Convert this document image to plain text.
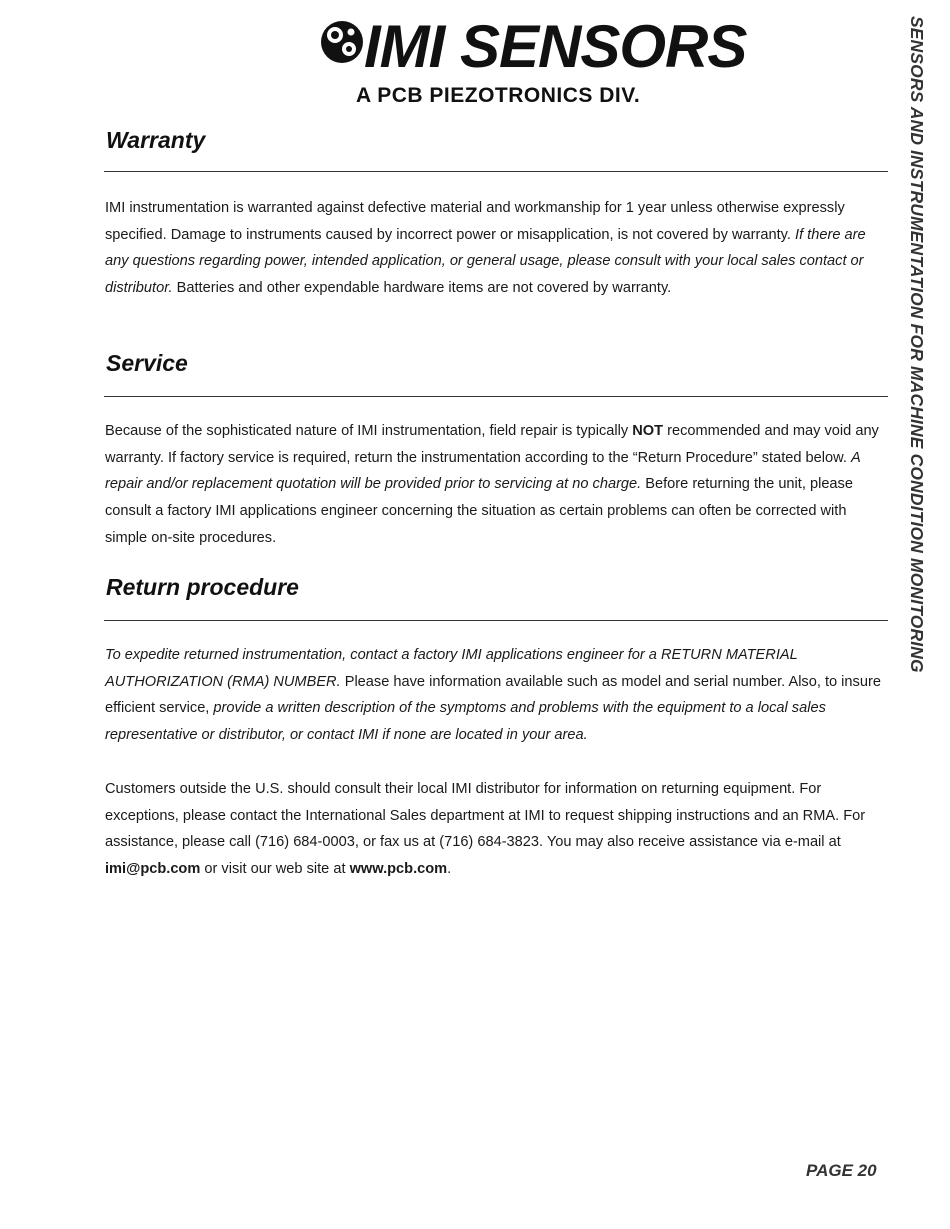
IMI SENSORS
A PCB PIEZOTRONICS DIV.
Warranty
IMI instrumentation is warranted against defective material and workmanship for 1 year unless otherwise expressly specified. Damage to instruments caused by incorrect power or misapplication, is not covered by warranty. If there are any questions regarding power, intended application, or general usage, please consult with your local sales contact or distributor. Batteries and other expendable hardware items are not covered by warranty.
Service
Because of the sophisticated nature of IMI instrumentation, field repair is typically NOT recommended and may void any warranty. If factory service is required, return the instrumentation according to the “Return Procedure” stated below. A repair and/or replacement quotation will be provided prior to servicing at no charge. Before returning the unit, please consult a factory IMI applications engineer concerning the situation as certain problems can often be corrected with simple on-site procedures.
Return procedure
To expedite returned instrumentation, contact a factory IMI applications engineer for a RETURN MATERIAL AUTHORIZATION (RMA) NUMBER. Please have information available such as model and serial number. Also, to insure efficient service, provide a written description of the symptoms and problems with the equipment to a local sales representative or distributor, or contact IMI if none are located in your area.
Customers outside the U.S. should consult their local IMI distributor for information on returning equipment. For exceptions, please contact the International Sales department at IMI to request shipping instructions and an RMA. For assistance, please call (716) 684-0003, or fax us at (716) 684-3823. You may also receive assistance via e-mail at imi@pcb.com or visit our web site at www.pcb.com.
SENSORS AND INSTRUMENTATION FOR MACHINE CONDITION MONITORING
PAGE 20
